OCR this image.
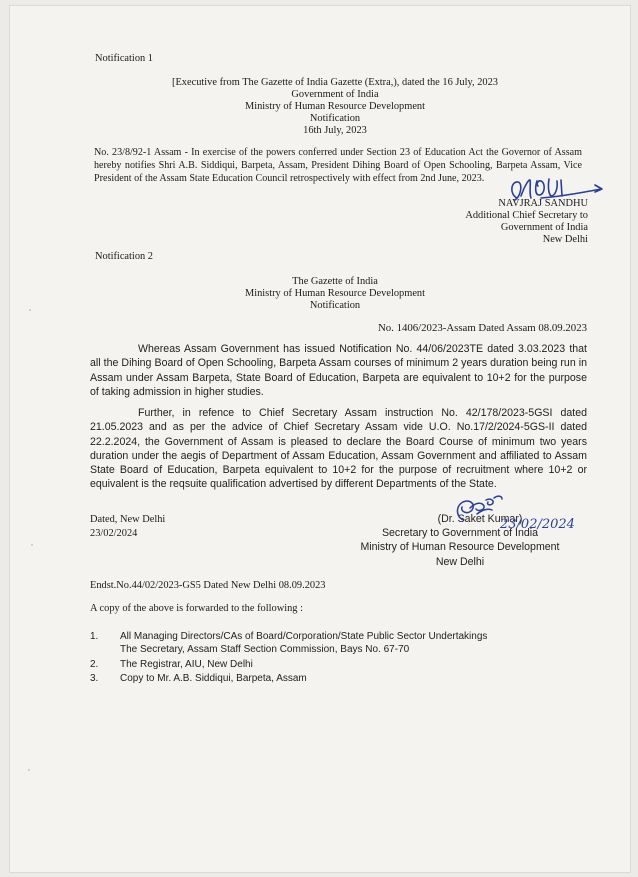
Notification 1

[Executive from The Gazette of India Gazette (Extra,), dated the 16 July, 2023
Government of India
Ministry of Human Resource Development
Notification
16th July, 2023

No. 23/8/92-1 Assam - In exercise of the powers conferred under Section 23 of Education Act the Governor of Assam hereby notifies Shri A.B. Siddiqui, Barpeta, Assam, President Dihing Board of Open Schooling, Barpeta Assam, Vice President of the Assam State Education Council retrospectively with effect from 2nd June, 2023.

NAVJRAJ SANDHU
Additional Chief Secretary to
Government of India
New Delhi

Notification 2

The Gazette of India
Ministry of Human Resource Development
Notification

No. 1406/2023-Assam Dated Assam 08.09.2023

Whereas Assam Government has issued Notification No. 44/06/2023TE dated 3.03.2023 that all the Dihing Board of Open Schooling, Barpeta Assam courses of minimum 2 years duration being run in Assam under Assam Barpeta, State Board of Education, Barpeta are equivalent to 10+2 for the purpose of taking admission in higher studies.

Further, in refence to Chief Secretary Assam instruction No. 42/178/2023-5GSI dated 21.05.2023 and as per the advice of Chief Secretary Assam vide U.O. No.17/2/2024-5GS-II dated 22.2.2024, the Government of Assam is pleased to declare the Board Course of minimum two years duration under the aegis of Department of Assam Education, Assam Government and affiliated to Assam State Board of Education, Barpeta equivalent to 10+2 for the purpose of recruitment where 10+2 or equivalent is the reqsuite qualification advertised by different Departments of the State.

Dated, New Delhi
23/02/2024
(Dr. Saket Kumar)
Secretary to Government of India
Ministry of Human Resource Development
New Delhi

Endst.No.44/02/2023-GS5 Dated New Delhi 08.09.2023

A copy of the above is forwarded to the following :

1. All Managing Directors/CAs of Board/Corporation/State Public Sector Undertakings
The Secretary, Assam Staff Section Commission, Bays No. 67-70
2. The Registrar, AIU, New Delhi
3. Copy to Mr. A.B. Siddiqui, Barpeta, Assam
23/02/2024
